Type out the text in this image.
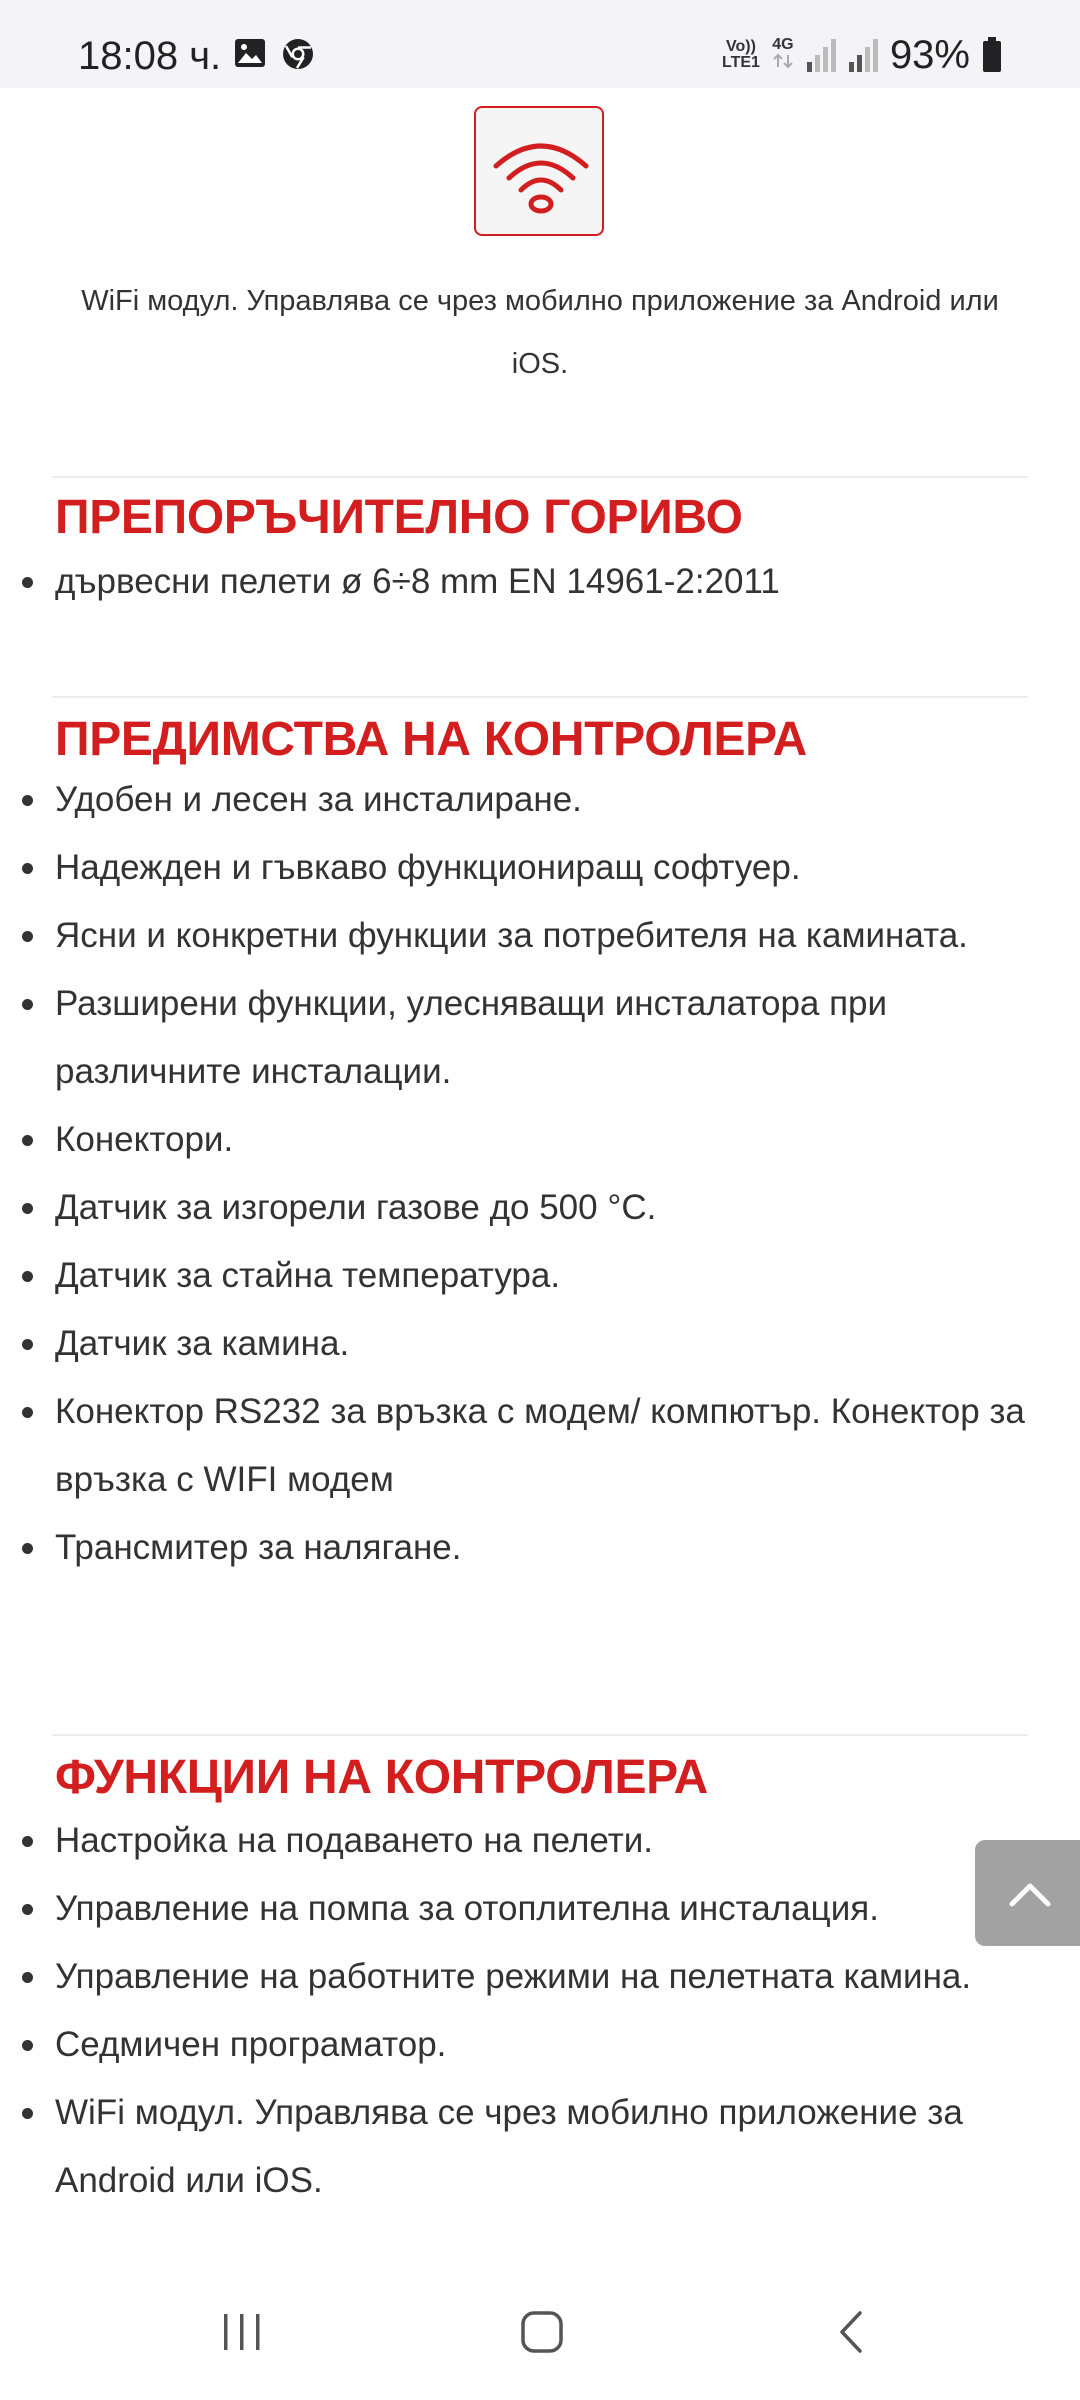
18:08 ч.	Vo))
LTE1
4G 93%
WiFi модул. Управлява се чрез мобилно приложение за Android или iOS.
ПРЕПОРЪЧИТЕЛНО ГОРИВО
дървесни пелети ø 6÷8 mm EN 14961-2:2011
ПРЕДИМСТВА НА КОНТРОЛЕРА
Удобен и лесен за инсталиране.
Надежден и гъвкаво функциониращ софтуер.
Ясни и конкретни функции за потребителя на камината.
Разширени функции, улесняващи инсталатора при различните инсталации.
Конектори.
Датчик за изгорели газове до 500 °С.
Датчик за стайна температура.
Датчик за камина.
Конектор RS232 за връзка с модем/ компютър. Конектор за връзка с WIFI модем
Трансмитер за налягане.
ФУНКЦИИ НА КОНТРОЛЕРА
Настройка на подаването на пелети.
Управление на помпа за отоплителна инсталация.
Управление на работните режими на пелетната камина.
Седмичен програматор.
WiFi модул. Управлява се чрез мобилно приложение за Android или iOS.
